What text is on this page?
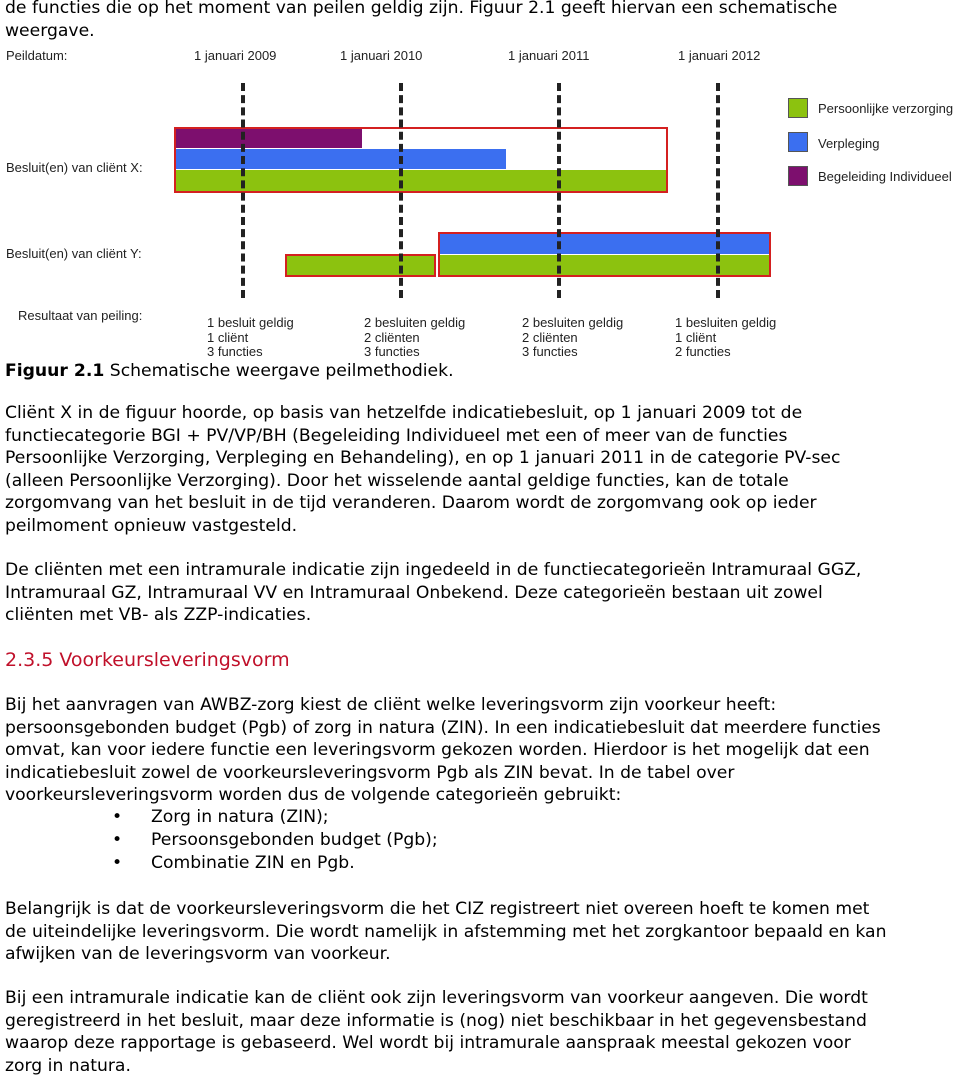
de functies die op het moment van peilen geldig zijn. Figuur 2.1 geeft hiervan een schematische
weergave.
Peildatum:	1 januari 2009	1 januari 2010	1 januari 2011	1 januari 2012
Besluit(en) van cliënt X:
Besluit(en) van cliënt Y:
Resultaat van peiling:
Persoonlijke verzorging
Verpleging
Begeleiding Individueel
1 besluit geldig
1 cliënt
3 functies
2 besluiten geldig
2 cliënten
3 functies
2 besluiten geldig
2 cliënten
3 functies
1 besluiten geldig
1 cliënt
2 functies
Figuur 2.1 Schematische weergave peilmethodiek.
Cliënt X in de figuur hoorde, op basis van hetzelfde indicatiebesluit, op 1 januari 2009 tot de
functiecategorie BGI + PV/VP/BH (Begeleiding Individueel met een of meer van de functies
Persoonlijke Verzorging, Verpleging en Behandeling), en op 1 januari 2011 in de categorie PV-sec
(alleen Persoonlijke Verzorging). Door het wisselende aantal geldige functies, kan de totale
zorgomvang van het besluit in de tijd veranderen. Daarom wordt de zorgomvang ook op ieder
peilmoment opnieuw vastgesteld.
De cliënten met een intramurale indicatie zijn ingedeeld in de functiecategorieën Intramuraal GGZ,
Intramuraal GZ, Intramuraal VV en Intramuraal Onbekend. Deze categorieën bestaan uit zowel
cliënten met VB- als ZZP-indicaties.
2.3.5 Voorkeursleveringsvorm
Bij het aanvragen van AWBZ-zorg kiest de cliënt welke leveringsvorm zijn voorkeur heeft:
persoonsgebonden budget (Pgb) of zorg in natura (ZIN). In een indicatiebesluit dat meerdere functies
omvat, kan voor iedere functie een leveringsvorm gekozen worden. Hierdoor is het mogelijk dat een
indicatiebesluit zowel de voorkeursleveringsvorm Pgb als ZIN bevat. In de tabel over
voorkeursleveringsvorm worden dus de volgende categorieën gebruikt:
• Zorg in natura (ZIN);
• Persoonsgebonden budget (Pgb);
• Combinatie ZIN en Pgb.
Belangrijk is dat de voorkeursleveringsvorm die het CIZ registreert niet overeen hoeft te komen met
de uiteindelijke leveringsvorm. Die wordt namelijk in afstemming met het zorgkantoor bepaald en kan
afwijken van de leveringsvorm van voorkeur.
Bij een intramurale indicatie kan de cliënt ook zijn leveringsvorm van voorkeur aangeven. Die wordt
geregistreerd in het besluit, maar deze informatie is (nog) niet beschikbaar in het gegevensbestand
waarop deze rapportage is gebaseerd. Wel wordt bij intramurale aanspraak meestal gekozen voor
zorg in natura.
